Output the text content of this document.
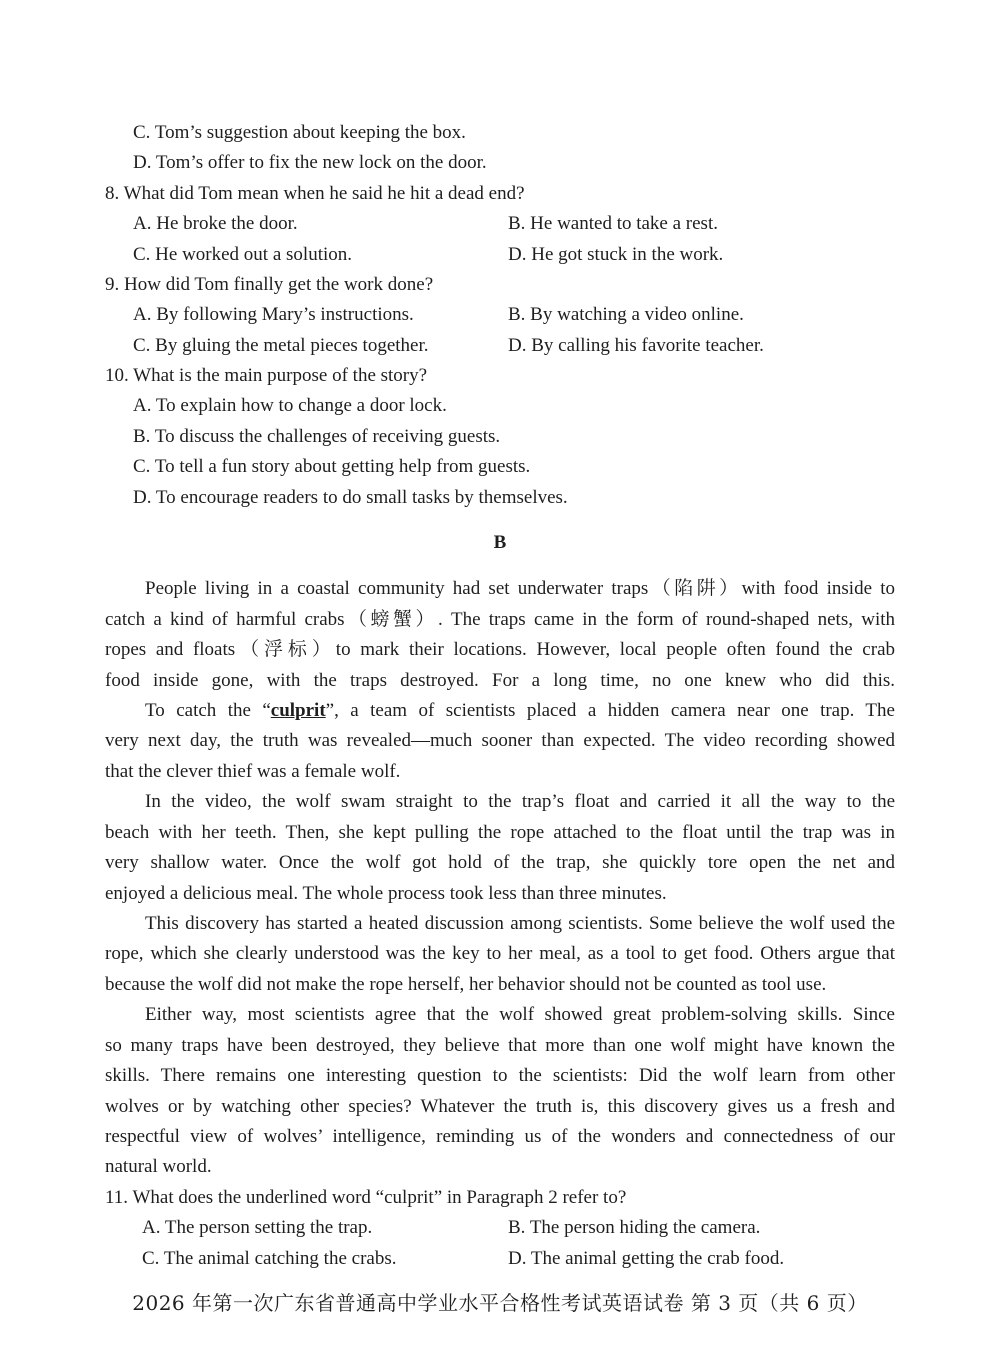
C. Tom’s suggestion about keeping the box.
D. Tom’s offer to fix the new lock on the door.
8. What did Tom mean when he said he hit a dead end?
A. He broke the door.	B. He wanted to take a rest.
C. He worked out a solution.	D. He got stuck in the work.
9. How did Tom finally get the work done?
A. By following Mary’s instructions.	B. By watching a video online.
C. By gluing the metal pieces together.	D. By calling his favorite teacher.
10. What is the main purpose of the story?
A. To explain how to change a door lock.
B. To discuss the challenges of receiving guests.
C. To tell a fun story about getting help from guests.
D. To encourage readers to do small tasks by themselves.
B
People living in a coastal community had set underwater traps（陷阱）with food inside to
catch a kind of harmful crabs（螃蟹）. The traps came in the form of round-shaped nets, with
ropes and floats（浮标）to mark their locations. However, local people often found the crab
food inside gone, with the traps destroyed. For a long time, no one knew who did this.
To catch the “culprit”, a team of scientists placed a hidden camera near one trap. The
very next day, the truth was revealed—much sooner than expected. The video recording showed
that the clever thief was a female wolf.
In the video, the wolf swam straight to the trap’s float and carried it all the way to the
beach with her teeth. Then, she kept pulling the rope attached to the float until the trap was in
very shallow water. Once the wolf got hold of the trap, she quickly tore open the net and
enjoyed a delicious meal. The whole process took less than three minutes.
This discovery has started a heated discussion among scientists. Some believe the wolf used the
rope, which she clearly understood was the key to her meal, as a tool to get food. Others argue that
because the wolf did not make the rope herself, her behavior should not be counted as tool use.
Either way, most scientists agree that the wolf showed great problem-solving skills. Since
so many traps have been destroyed, they believe that more than one wolf might have known the
skills. There remains one interesting question to the scientists: Did the wolf learn from other
wolves or by watching other species? Whatever the truth is, this discovery gives us a fresh and
respectful view of wolves’ intelligence, reminding us of the wonders and connectedness of our
natural world.
11. What does the underlined word “culprit” in Paragraph 2 refer to?
A. The person setting the trap.	B. The person hiding the camera.
C. The animal catching the crabs.	D. The animal getting the crab food.
2026 年第一次广东省普通高中学业水平合格性考试英语试卷 第 3 页（共 6 页）
